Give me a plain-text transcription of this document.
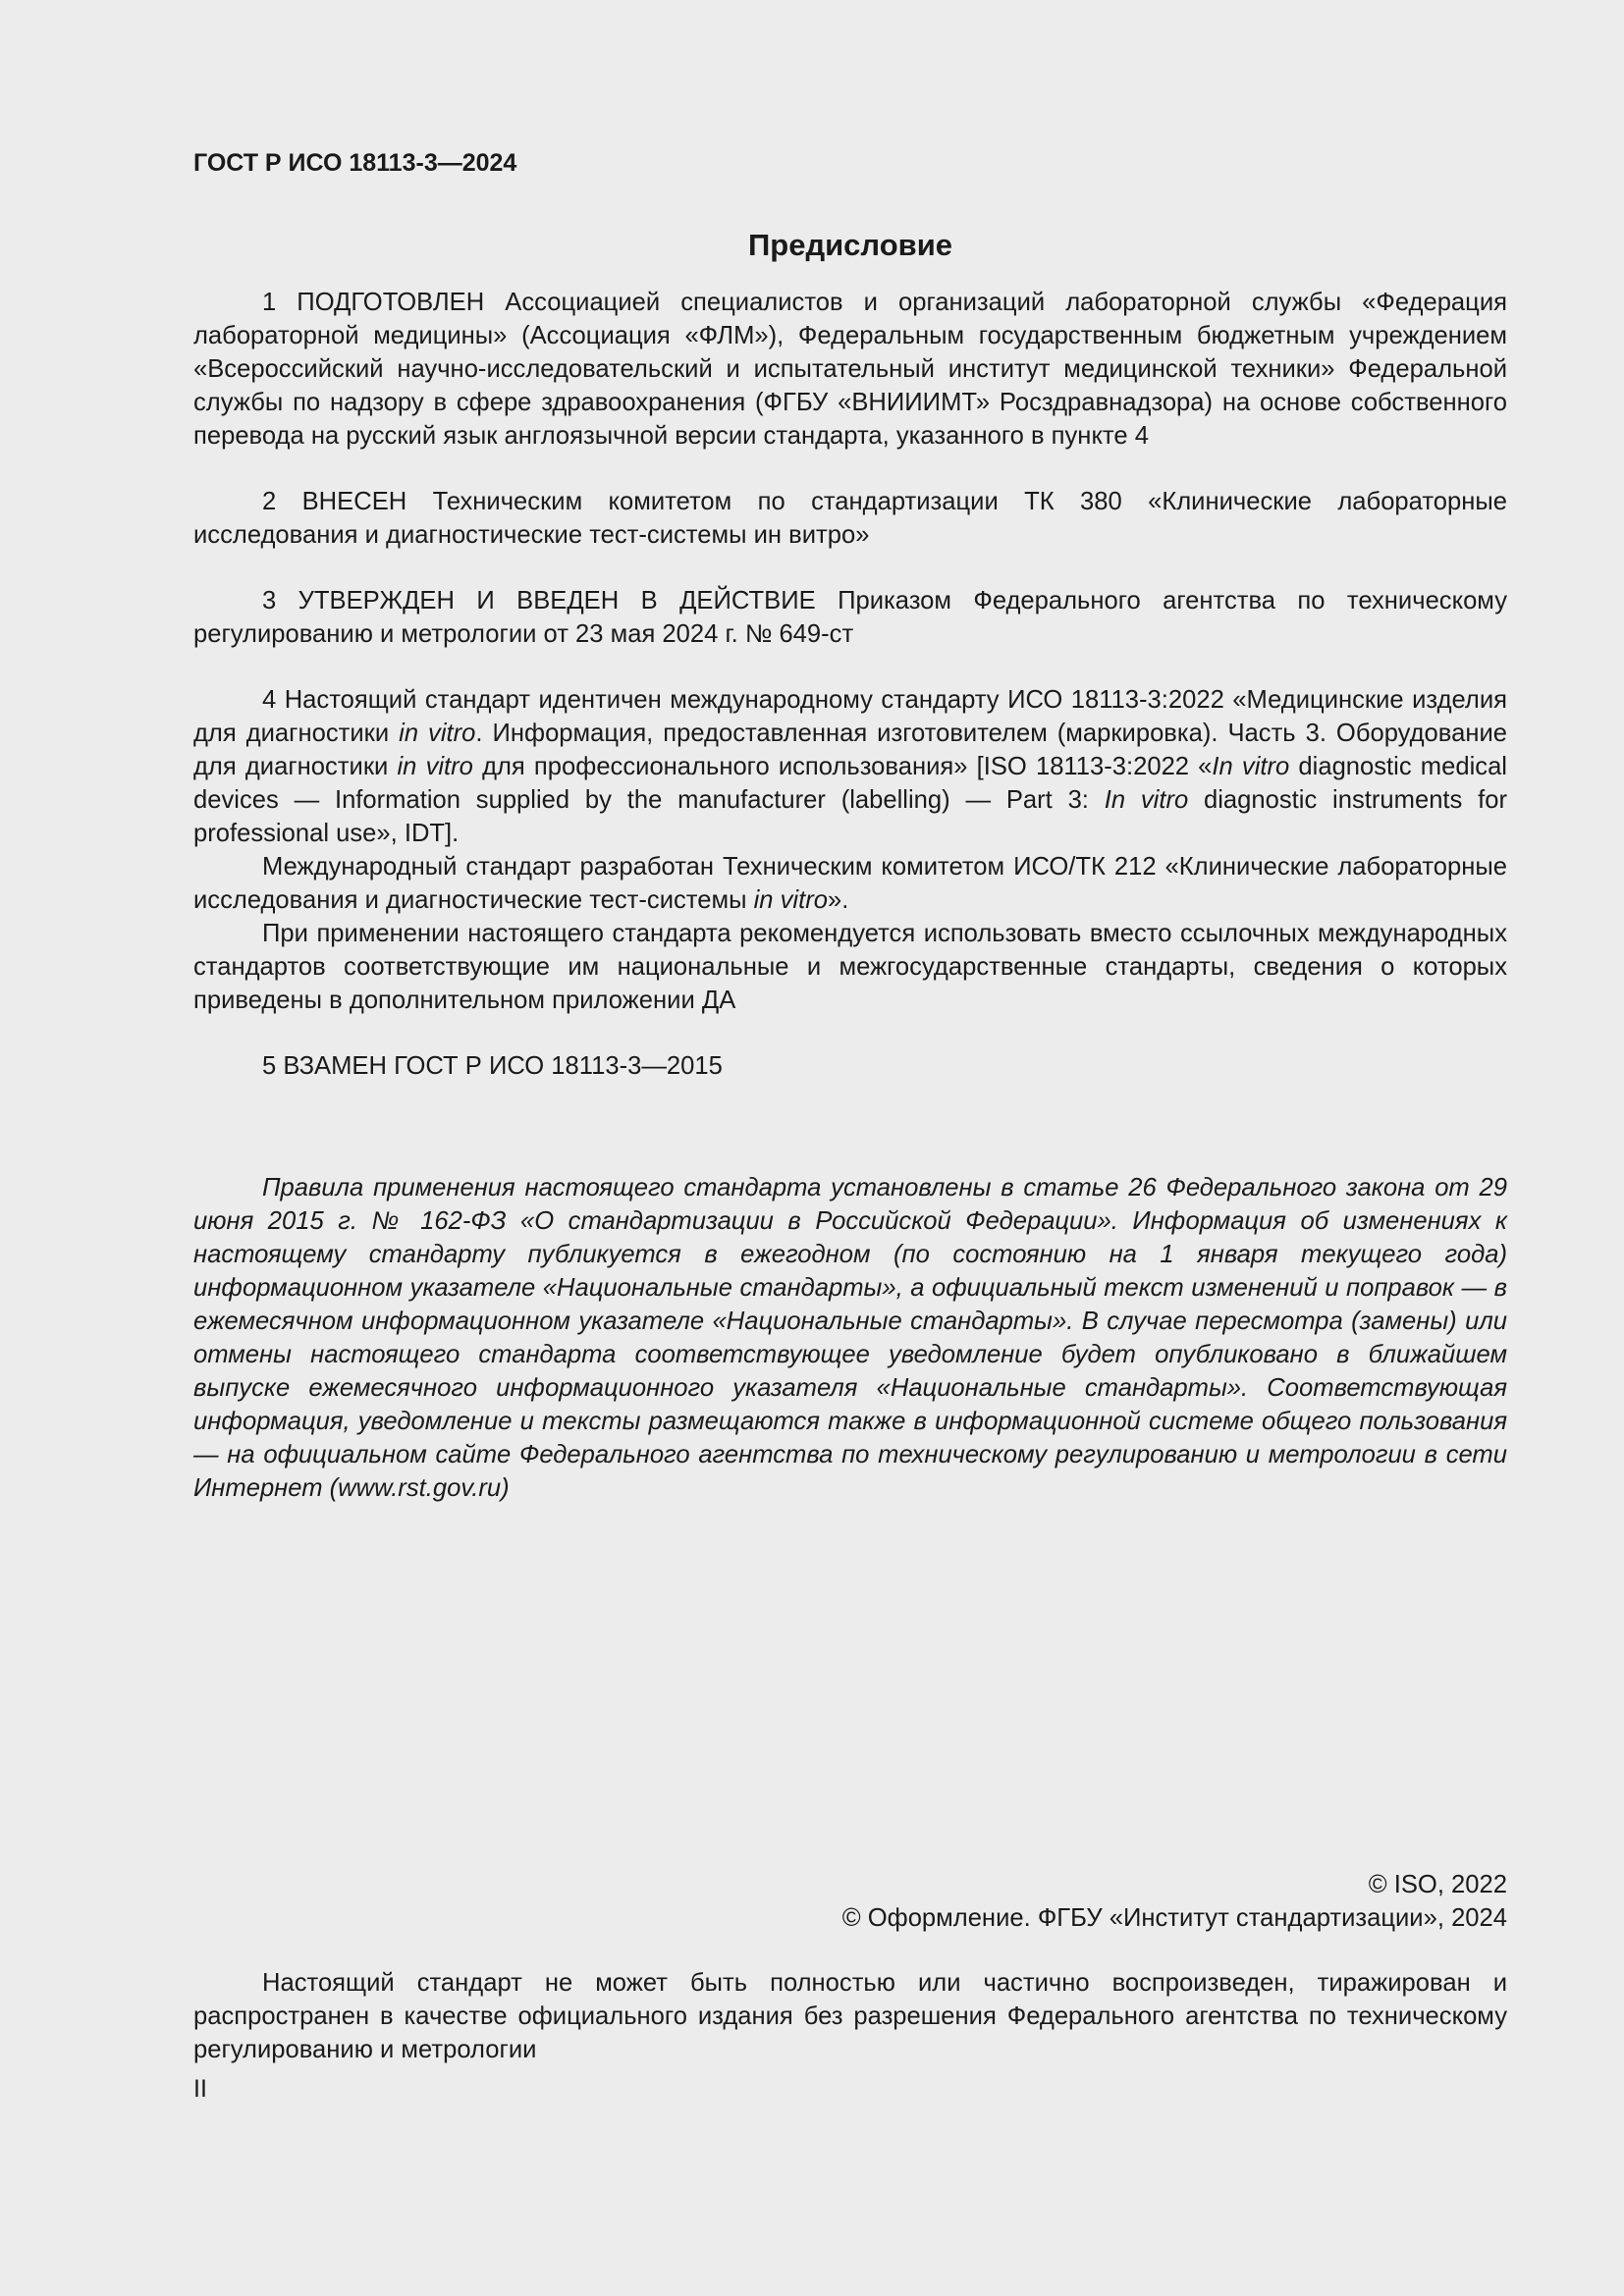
ГОСТ Р ИСО 18113-3—2024
Предисловие

1 ПОДГОТОВЛЕН Ассоциацией специалистов и организаций лабораторной службы «Федерация лабораторной медицины» (Ассоциация «ФЛМ»), Федеральным государственным бюджетным учреждением «Всероссийский научно-исследовательский и испытательный институт медицинской техники» Федеральной службы по надзору в сфере здравоохранения (ФГБУ «ВНИИИМТ» Росздравнадзора) на основе собственного перевода на русский язык англоязычной версии стандарта, указанного в пункте 4

2 ВНЕСЕН Техническим комитетом по стандартизации ТК 380 «Клинические лабораторные исследования и диагностические тест-системы ин витро»

3 УТВЕРЖДЕН И ВВЕДЕН В ДЕЙСТВИЕ Приказом Федерального агентства по техническому регулированию и метрологии от 23 мая 2024 г. № 649-ст

4 Настоящий стандарт идентичен международному стандарту ИСО 18113-3:2022 «Медицинские изделия для диагностики in vitro. Информация, предоставленная изготовителем (маркировка). Часть 3. Оборудование для диагностики in vitro для профессионального использования» [ISO 18113-3:2022 «In vitro diagnostic medical devices — Information supplied by the manufacturer (labelling) — Part 3: In vitro diagnostic instruments for professional use», IDT].

Международный стандарт разработан Техническим комитетом ИСО/ТК 212 «Клинические лабораторные исследования и диагностические тест-системы in vitro».

При применении настоящего стандарта рекомендуется использовать вместо ссылочных международных стандартов соответствующие им национальные и межгосударственные стандарты, сведения о которых приведены в дополнительном приложении ДА

5 ВЗАМЕН ГОСТ Р ИСО 18113-3—2015

Правила применения настоящего стандарта установлены в статье 26 Федерального закона от 29 июня 2015 г. № 162-ФЗ «О стандартизации в Российской Федерации». Информация об изменениях к настоящему стандарту публикуется в ежегодном (по состоянию на 1 января текущего года) информационном указателе «Национальные стандарты», а официальный текст изменений и поправок — в ежемесячном информационном указателе «Национальные стандарты». В случае пересмотра (замены) или отмены настоящего стандарта соответствующее уведомление будет опубликовано в ближайшем выпуске ежемесячного информационного указателя «Национальные стандарты». Соответствующая информация, уведомление и тексты размещаются также в информационной системе общего пользования — на официальном сайте Федерального агентства по техническому регулированию и метрологии в сети Интернет (www.rst.gov.ru)

© ISO, 2022

© Оформление. ФГБУ «Институт стандартизации», 2024

Настоящий стандарт не может быть полностью или частично воспроизведен, тиражирован и распространен в качестве официального издания без разрешения Федерального агентства по техническому регулированию и метрологии

II
